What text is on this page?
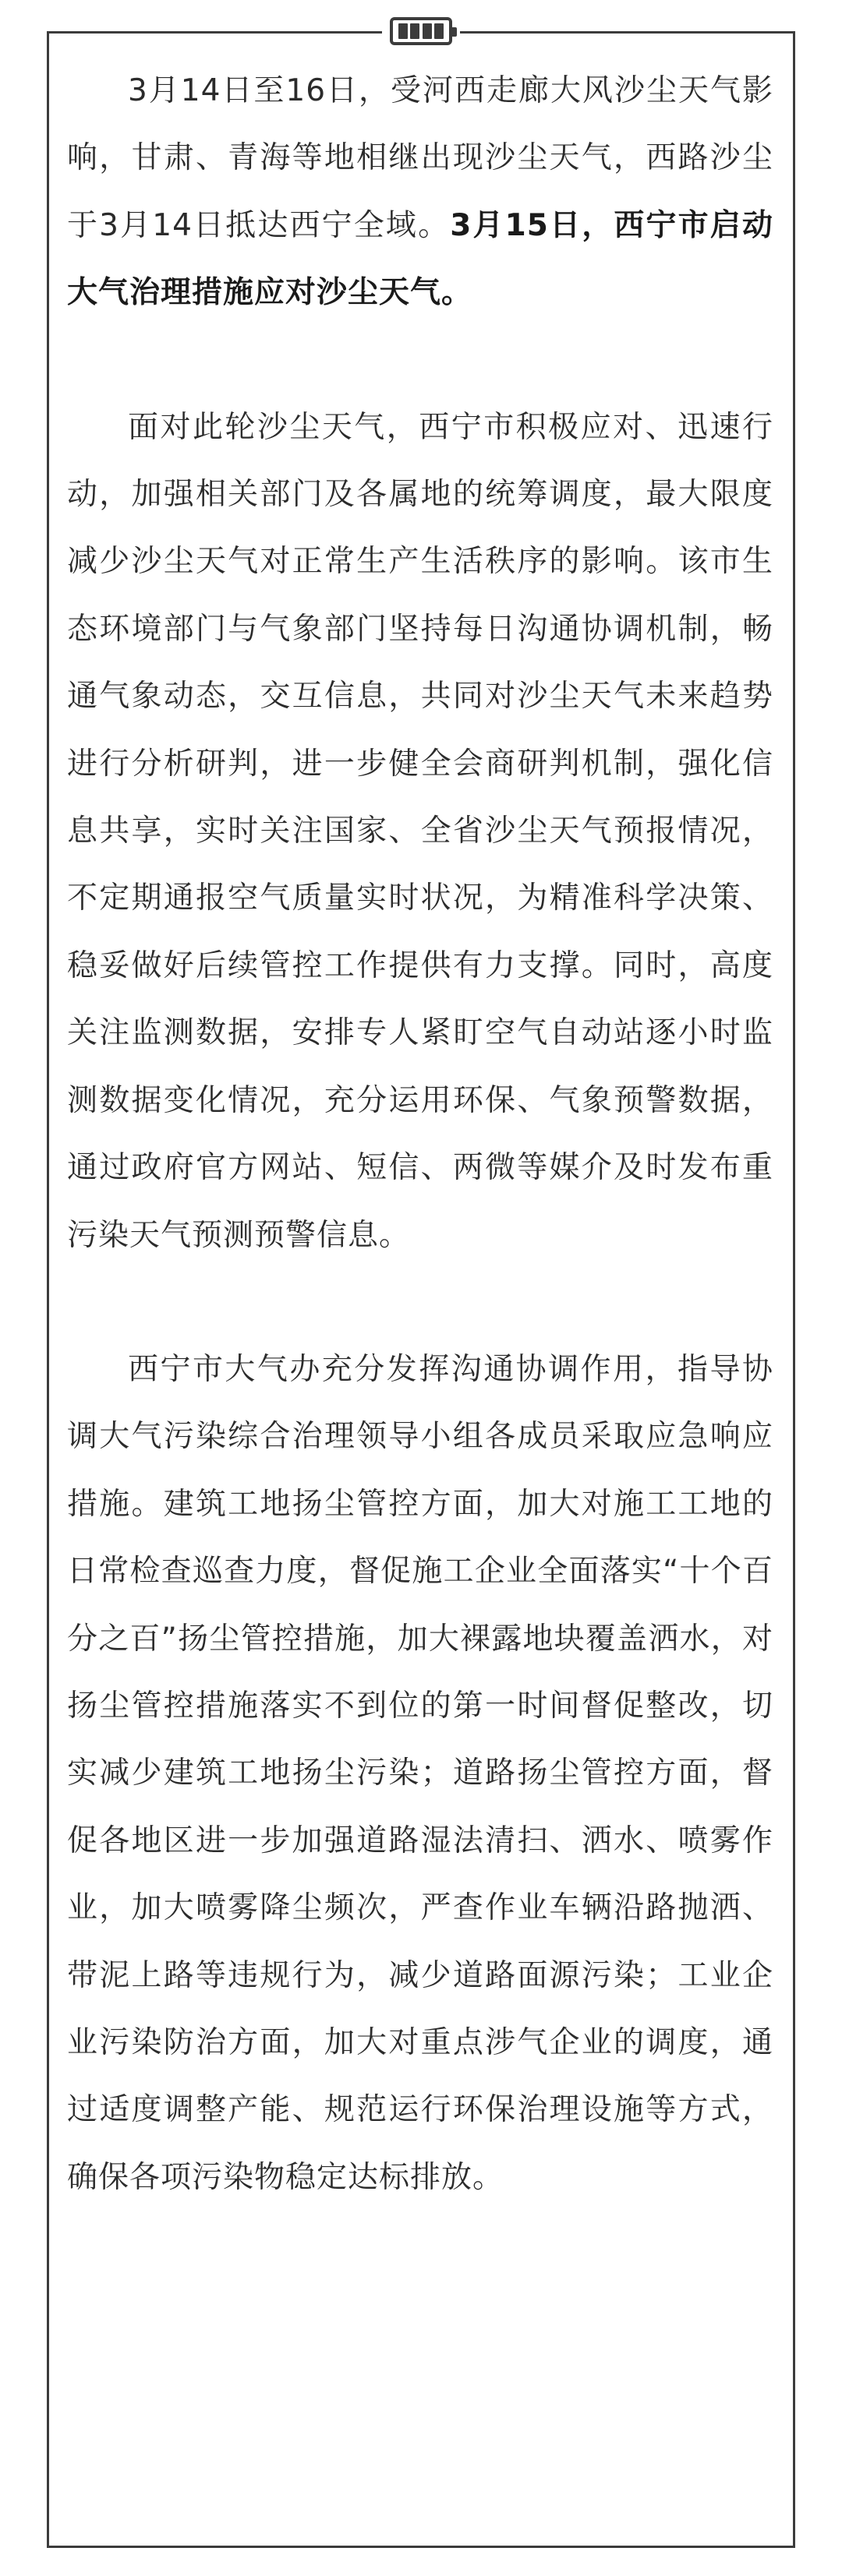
3月14日至16日，受河西走廊大风沙尘天气影响，甘肃、青海等地相继出现沙尘天气，西路沙尘于3月14日抵达西宁全域。3月15日，西宁市启动大气治理措施应对沙尘天气。

面对此轮沙尘天气，西宁市积极应对、迅速行动，加强相关部门及各属地的统筹调度，最大限度减少沙尘天气对正常生产生活秩序的影响。该市生态环境部门与气象部门坚持每日沟通协调机制，畅通气象动态，交互信息，共同对沙尘天气未来趋势进行分析研判，进一步健全会商研判机制，强化信息共享，实时关注国家、全省沙尘天气预报情况，不定期通报空气质量实时状况，为精准科学决策、稳妥做好后续管控工作提供有力支撑。同时，高度关注监测数据，安排专人紧盯空气自动站逐小时监测数据变化情况，充分运用环保、气象预警数据，通过政府官方网站、短信、两微等媒介及时发布重污染天气预测预警信息。

西宁市大气办充分发挥沟通协调作用，指导协调大气污染综合治理领导小组各成员采取应急响应措施。建筑工地扬尘管控方面，加大对施工工地的日常检查巡查力度，督促施工企业全面落实“十个百分之百”扬尘管控措施，加大裸露地块覆盖洒水，对扬尘管控措施落实不到位的第一时间督促整改，切实减少建筑工地扬尘污染；道路扬尘管控方面，督促各地区进一步加强道路湿法清扫、洒水、喷雾作业，加大喷雾降尘频次，严查作业车辆沿路抛洒、带泥上路等违规行为，减少道路面源污染；工业企业污染防治方面，加大对重点涉气企业的调度，通过适度调整产能、规范运行环保治理设施等方式，确保各项污染物稳定达标排放。
